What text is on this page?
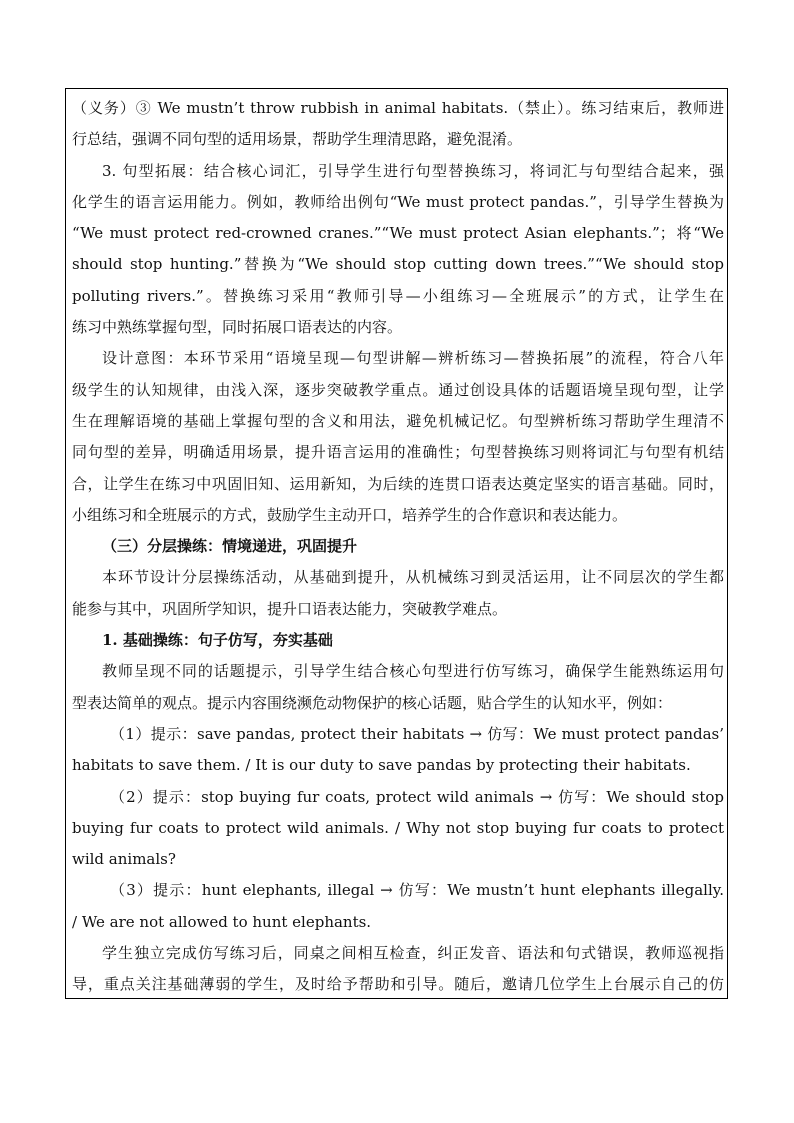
（义务）③ We mustn’t throw rubbish in animal habitats.（禁止）。练习结束后，教师进

行总结，强调不同句型的适用场景，帮助学生理清思路，避免混淆。

3. 句型拓展：结合核心词汇，引导学生进行句型替换练习，将词汇与句型结合起来，强

化学生的语言运用能力。例如，教师给出例句“We must protect pandas.”，引导学生替换为

“We must protect red-crowned cranes.”“We must protect Asian elephants.”；将“We

should stop hunting.”替换为“We should stop cutting down trees.”“We should stop

polluting rivers.”。替换练习采用“教师引导—小组练习—全班展示”的方式，让学生在

练习中熟练掌握句型，同时拓展口语表达的内容。

设计意图：本环节采用“语境呈现—句型讲解—辨析练习—替换拓展”的流程，符合八年

级学生的认知规律，由浅入深，逐步突破教学重点。通过创设具体的话题语境呈现句型，让学

生在理解语境的基础上掌握句型的含义和用法，避免机械记忆。句型辨析练习帮助学生理清不

同句型的差异，明确适用场景，提升语言运用的准确性；句型替换练习则将词汇与句型有机结

合，让学生在练习中巩固旧知、运用新知，为后续的连贯口语表达奠定坚实的语言基础。同时，

小组练习和全班展示的方式，鼓励学生主动开口，培养学生的合作意识和表达能力。

（三）分层操练：情境递进，巩固提升

本环节设计分层操练活动，从基础到提升，从机械练习到灵活运用，让不同层次的学生都

能参与其中，巩固所学知识，提升口语表达能力，突破教学难点。

1. 基础操练：句子仿写，夯实基础

教师呈现不同的话题提示，引导学生结合核心句型进行仿写练习，确保学生能熟练运用句

型表达简单的观点。提示内容围绕濒危动物保护的核心话题，贴合学生的认知水平，例如：

（1）提示：save pandas, protect their habitats → 仿写：We must protect pandas’

habitats to save them. / It is our duty to save pandas by protecting their habitats.

（2）提示：stop buying fur coats, protect wild animals → 仿写：We should stop

buying fur coats to protect wild animals. / Why not stop buying fur coats to protect

wild animals?

（3）提示：hunt elephants, illegal → 仿写：We mustn’t hunt elephants illegally.

/ We are not allowed to hunt elephants.

学生独立完成仿写练习后，同桌之间相互检查，纠正发音、语法和句式错误，教师巡视指

导，重点关注基础薄弱的学生，及时给予帮助和引导。随后，邀请几位学生上台展示自己的仿
